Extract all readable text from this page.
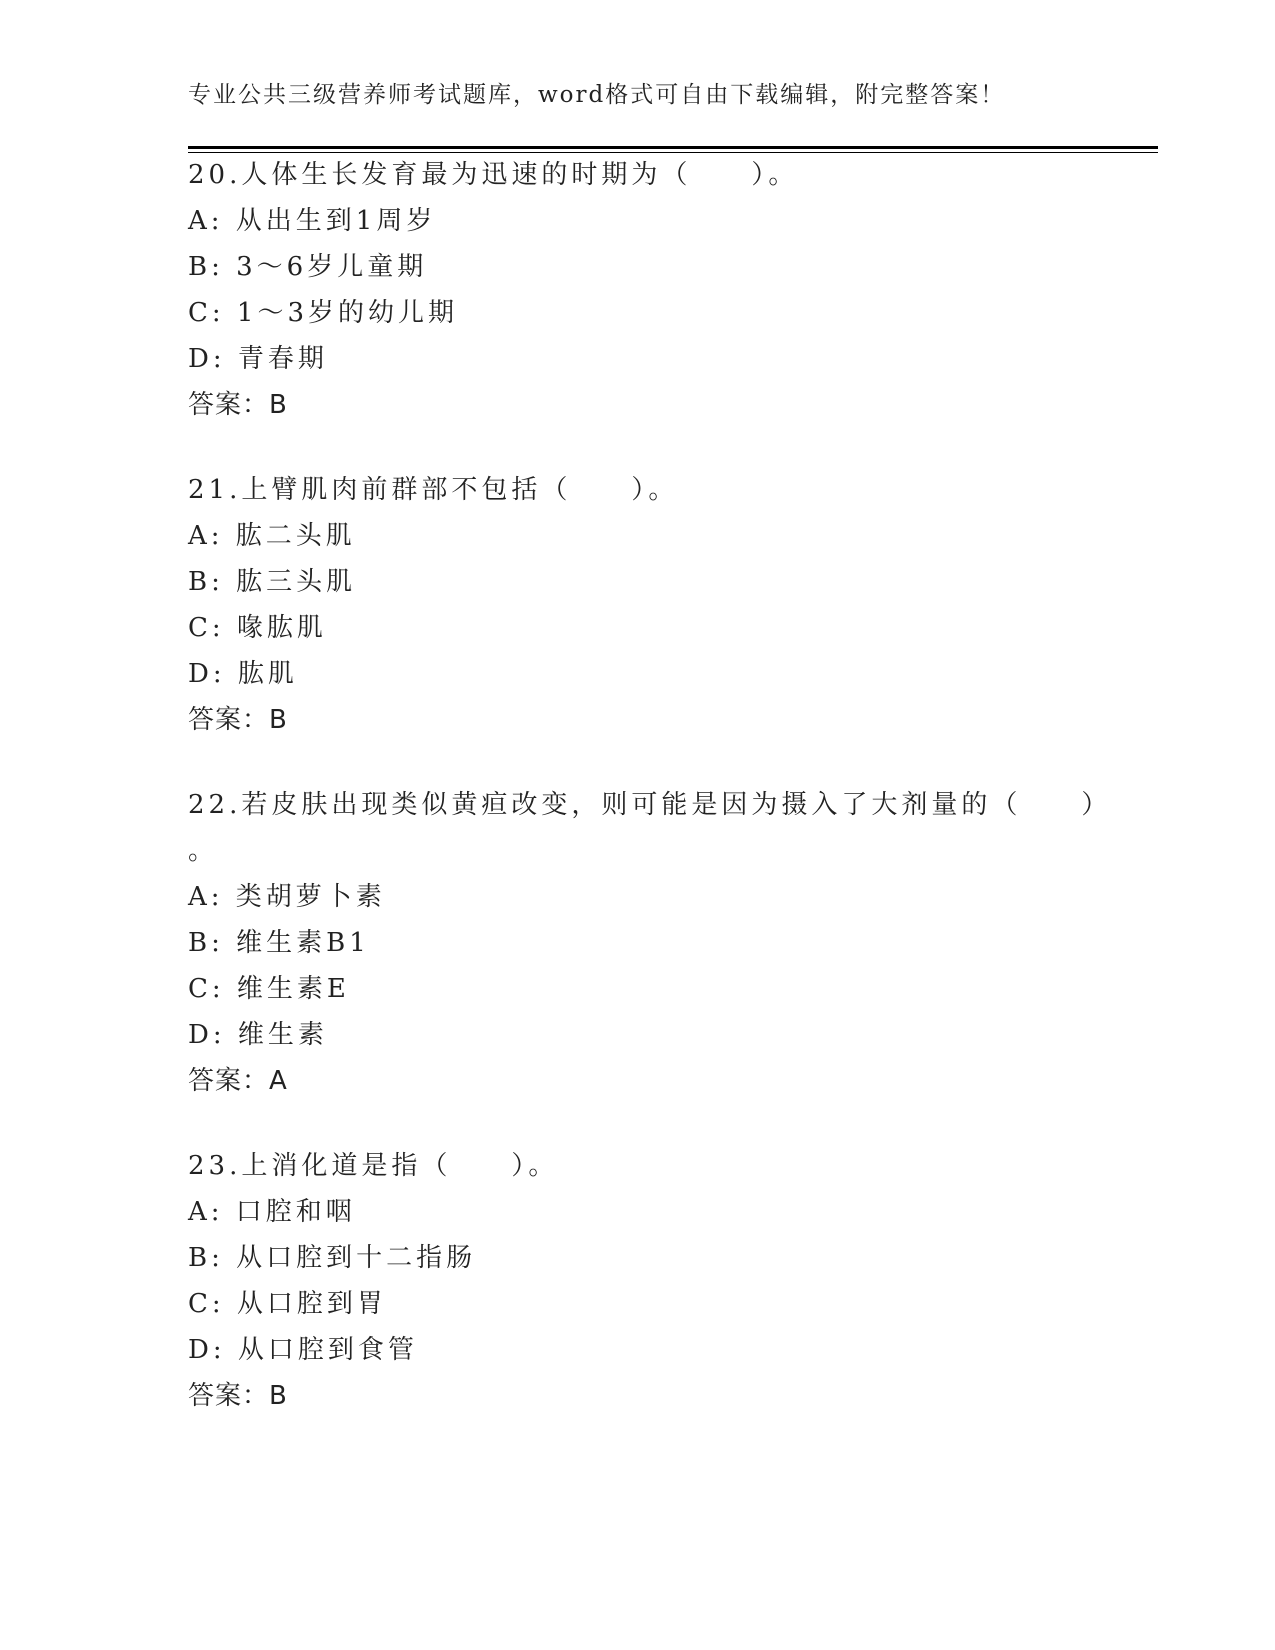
专业公共三级营养师考试题库，word格式可自由下载编辑，附完整答案！
20.人体生长发育最为迅速的时期为（ ）。
A: 从出生到1周岁
B: 3～6岁儿童期
C: 1～3岁的幼儿期
D: 青春期
答案：B
21.上臂肌肉前群部不包括（ ）。
A: 肱二头肌
B: 肱三头肌
C: 喙肱肌
D: 肱肌
答案：B
22.若皮肤出现类似黄疸改变，则可能是因为摄入了大剂量的（ ）
。
A: 类胡萝卜素
B: 维生素B1
C: 维生素E
D: 维生素
答案：A
23.上消化道是指（ ）。
A: 口腔和咽
B: 从口腔到十二指肠
C: 从口腔到胃
D: 从口腔到食管
答案：B
